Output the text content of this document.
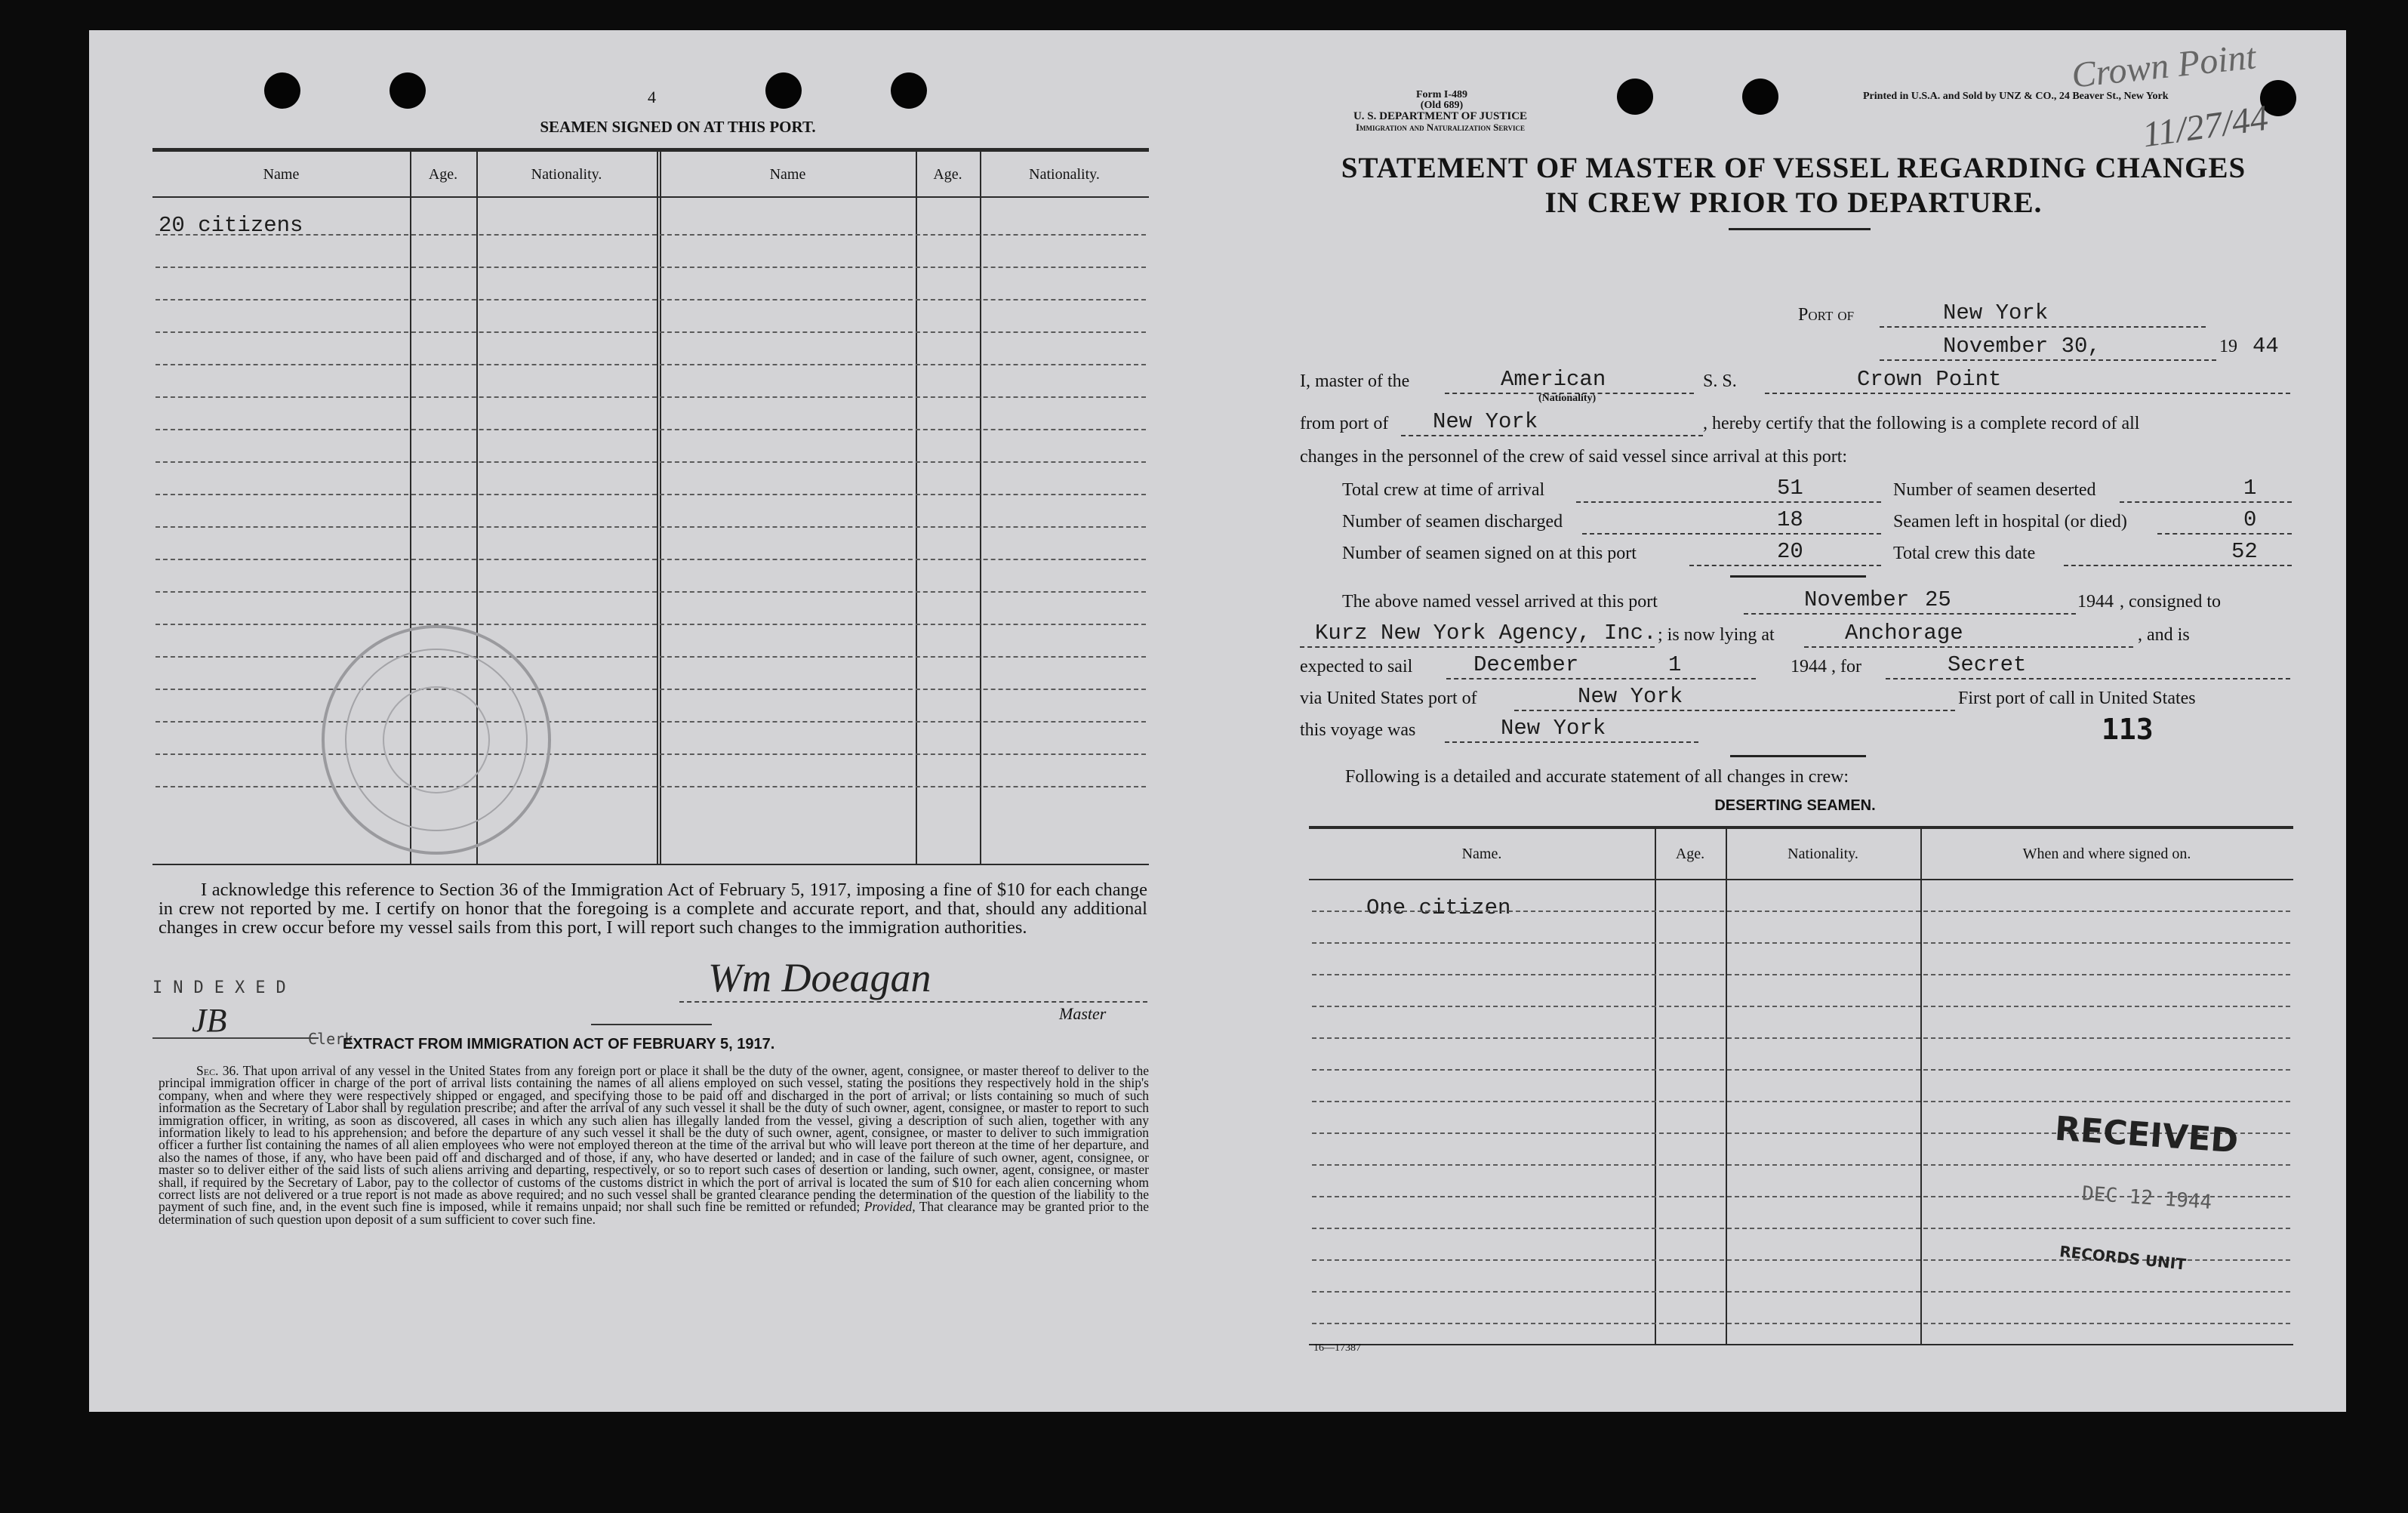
4
SEAMEN SIGNED ON AT THIS PORT.
Name	Age.	Nationality.	Name	Age.	Nationality.
20 citizens
I acknowledge this reference to Section 36 of the Immigration Act of February 5, 1917, imposing a fine of $10 for each change in crew not reported by me. I certify on honor that the foregoing is a complete and accurate report, and that, should any additional changes in crew occur before my vessel sails from this port, I will report such changes to the immigration authorities.
Wm Doeagan
Master
INDEXED
JB	Clerk
EXTRACT FROM IMMIGRATION ACT OF FEBRUARY 5, 1917.
Sec. 36. That upon arrival of any vessel in the United States from any foreign port or place it shall be the duty of the owner, agent, consignee, or master thereof to deliver to the principal immigration officer in charge of the port of arrival lists containing the names of all aliens employed on such vessel, stating the positions they respectively hold in the ship's company, when and where they were respectively shipped or engaged, and specifying those to be paid off and discharged in the port of arrival; or lists containing so much of such information as the Secretary of Labor shall by regulation prescribe; and after the arrival of any such vessel it shall be the duty of such owner, agent, consignee, or master to report to such immigration officer, in writing, as soon as discovered, all cases in which any such alien has illegally landed from the vessel, giving a description of such alien, together with any information likely to lead to his apprehension; and before the departure of any such vessel it shall be the duty of such owner, agent, consignee, or master to deliver to such immigration officer a further list containing the names of all alien employees who were not employed thereon at the time of the arrival but who will leave port thereon at the time of her departure, and also the names of those, if any, who have been paid off and discharged and of those, if any, who have deserted or landed; and in case of the failure of such owner, agent, consignee, or master so to deliver either of the said lists of such aliens arriving and departing, respectively, or so to report such cases of desertion or landing, such owner, agent, consignee, or master shall, if required by the Secretary of Labor, pay to the collector of customs of the customs district in which the port of arrival is located the sum of $10 for each alien concerning whom correct lists are not delivered or a true report is not made as above required; and no such vessel shall be granted clearance pending the determination of the question of the liability to the payment of such fine, and, in the event such fine is imposed, while it remains unpaid; nor shall such fine be remitted or refunded; Provided, That clearance may be granted prior to the determination of such question upon deposit of a sum sufficient to cover such fine.
Form I-489
(Old 689)
U. S. DEPARTMENT OF JUSTICE
Immigration and Naturalization Service
Printed in U.S.A. and Sold by UNZ & CO., 24 Beaver St., New York
Crown Point
11/27/44
STATEMENT OF MASTER OF VESSEL REGARDING CHANGES
IN CREW PRIOR TO DEPARTURE.
Port of	New York
November 30,	19 44
I, master of the	American
(Nationality)
S. S.	Crown Point
from port of New York	, hereby certify that the following is a complete record of all
changes in the personnel of the crew of said vessel since arrival at this port:
Total crew at time of arrival	51
Number of seamen discharged	18
Number of seamen signed on at this port	20
Number of seamen deserted	1
Seamen left in hospital (or died)	0
Total crew this date	52
The above named vessel arrived at this port	November 25	1944 , consigned to
Kurz New York Agency, Inc. ; is now lying at	Anchorage	, and is
expected to sail	December	1	1944 , for	Secret
via United States port of	New York	First port of call in United States
this voyage was	New York	113
Following is a detailed and accurate statement of all changes in crew:
DESERTING SEAMEN.
Name.	Age.	Nationality.	When and where signed on.
One citizen
RECEIVED
DEC 12 1944
RECORDS UNIT
16—17387
